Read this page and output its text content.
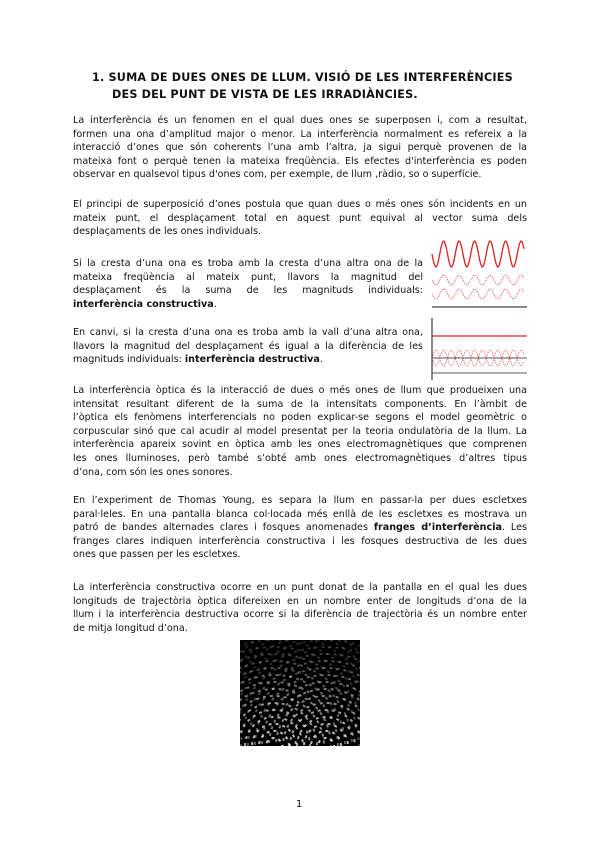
1. SUMA DE DUES ONES DE LLUM. VISIÓ DE LES INTERFERÈNCIES
DES DEL PUNT DE VISTA DE LES IRRADIÀNCIES.
La interferència és un fenomen en el qual dues ones se superposen i, com a resultat,
formen una ona d’amplitud major o menor. La interferència normalment es refereix a la
interacció d’ones que són coherents l’una amb l’altra, ja sigui perquè provenen de la
mateixa font o perquè tenen la mateixa freqüència. Els efectes d'interferència es poden
observar en qualsevol tipus d'ones com, per exemple, de llum ,ràdio, so o superfície.
El principi de superposició d’ones postula que quan dues o més ones són incidents en un
mateix punt, el desplaçament total en aquest punt equival al vector suma dels
desplaçaments de les ones individuals.
Si la cresta d’una ona es troba amb la cresta d’una altra ona de la
mateixa freqüència al mateix punt, llavors la magnitud del
desplaçament és la suma de les magnituds individuals:
interferència constructiva.
En canvi, si la cresta d’una ona es troba amb la vall d’una altra ona,
llavors la magnitud del desplaçament és igual a la diferència de les
magnituds individuals: interferència destructiva.
La interferència òptica és la interacció de dues o més ones de llum que produeixen una
intensitat resultant diferent de la suma de la intensitats components. En l’àmbit de
l’òptica els fenòmens interferencials no poden explicar-se segons el model geomètric o
corpuscular sinó que cal acudir al model presentat per la teoria ondulatòria de la llum. La
interferència apareix sovint en òptica amb les ones electromagnètiques que comprenen
les ones lluminoses, però també s’obté amb ones electromagnètiques d’altres tipus
d’ona, com són les ones sonores.
En l’experiment de Thomas Young, es separa la llum en passar-la per dues escletxes
paral·leles. En una pantalla blanca col·locada més enllà de les escletxes es mostrava un
patró de bandes alternades clares i fosques anomenades franges d’interferència. Les
franges clares indiquen interferència constructiva i les fosques destructiva de les dues
ones que passen per les escletxes.
La interferència constructiva ocorre en un punt donat de la pantalla en el qual les dues
longituds de trajectòria òptica difereixen en un nombre enter de longituds d’ona de la
llum i la interferència destructiva ocorre si la diferència de trajectòria és un nombre enter
de mitja longitud d’ona.
1
